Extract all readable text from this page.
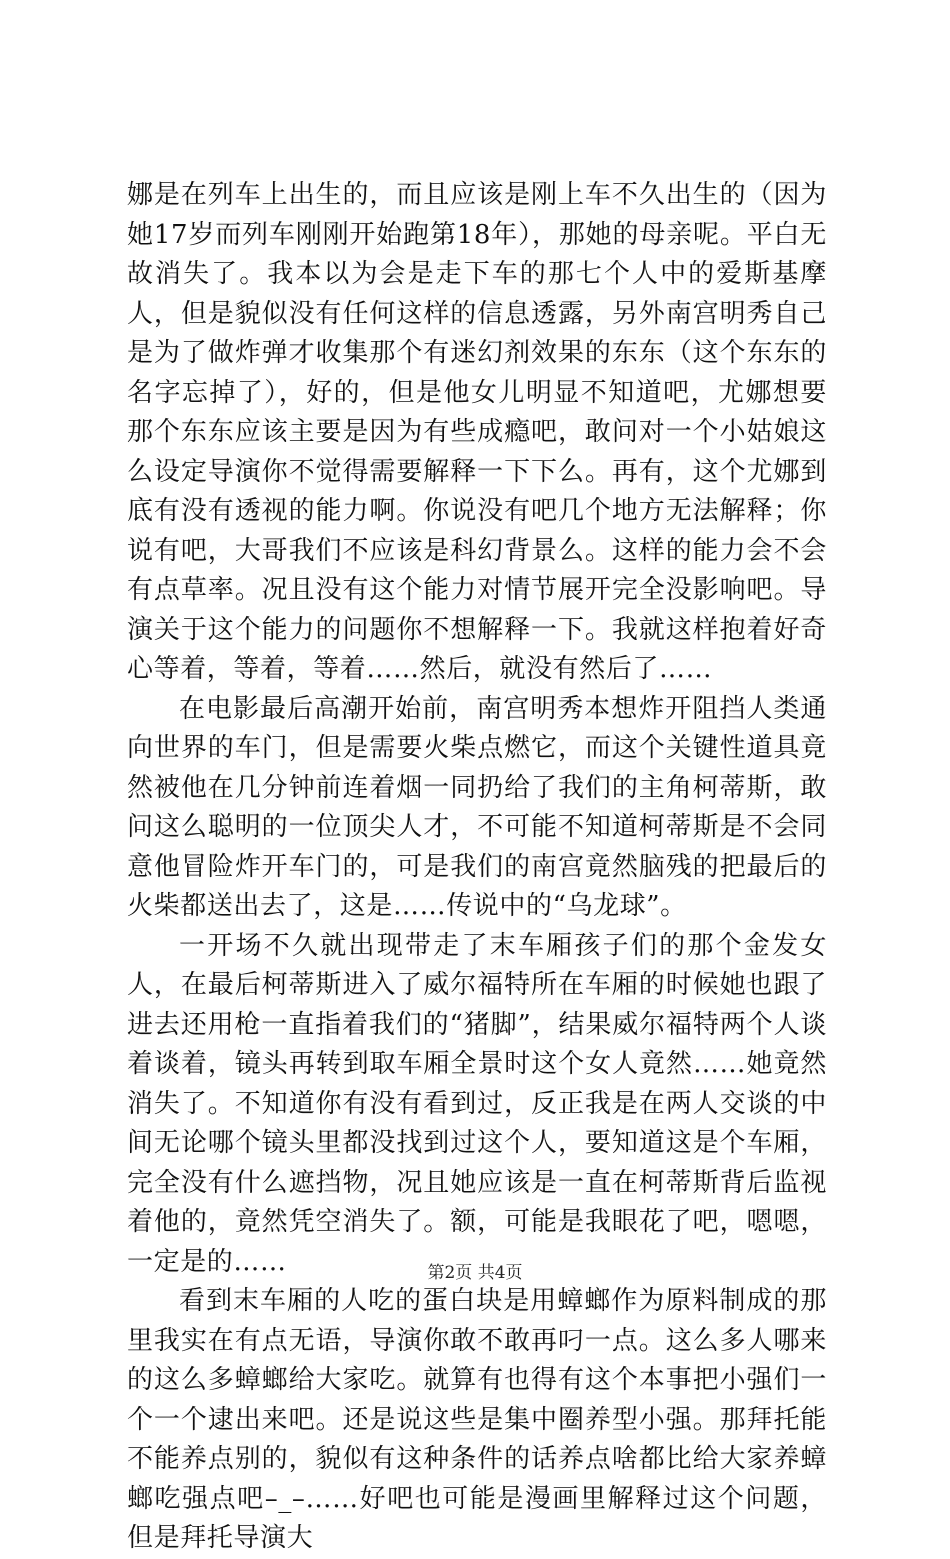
娜是在列车上出生的，而且应该是刚上车不久出生的（因为她17岁而列车刚刚开始跑第18年），那她的母亲呢。平白无故消失了。我本以为会是走下车的那七个人中的爱斯基摩人，但是貌似没有任何这样的信息透露，另外南宫明秀自己是为了做炸弹才收集那个有迷幻剂效果的东东（这个东东的名字忘掉了），好的，但是他女儿明显不知道吧，尤娜想要那个东东应该主要是因为有些成瘾吧，敢问对一个小姑娘这么设定导演你不觉得需要解释一下下么。再有，这个尤娜到底有没有透视的能力啊。你说没有吧几个地方无法解释；你说有吧，大哥我们不应该是科幻背景么。这样的能力会不会有点草率。况且没有这个能力对情节展开完全没影响吧。导演关于这个能力的问题你不想解释一下。我就这样抱着好奇心等着，等着，等着……然后，就没有然后了……

在电影最后高潮开始前，南宫明秀本想炸开阻挡人类通向世界的车门，但是需要火柴点燃它，而这个关键性道具竟然被他在几分钟前连着烟一同扔给了我们的主角柯蒂斯，敢问这么聪明的一位顶尖人才，不可能不知道柯蒂斯是不会同意他冒险炸开车门的，可是我们的南宫竟然脑残的把最后的火柴都送出去了，这是……传说中的“乌龙球”。

一开场不久就出现带走了末车厢孩子们的那个金发女人，在最后柯蒂斯进入了威尔福特所在车厢的时候她也跟了进去还用枪一直指着我们的“猪脚”，结果威尔福特两个人谈着谈着，镜头再转到取车厢全景时这个女人竟然……她竟然消失了。不知道你有没有看到过，反正我是在两人交谈的中间无论哪个镜头里都没找到过这个人，要知道这是个车厢，完全没有什么遮挡物，况且她应该是一直在柯蒂斯背后监视着他的，竟然凭空消失了。额，可能是我眼花了吧，嗯嗯，一定是的……

看到末车厢的人吃的蛋白块是用蟑螂作为原料制成的那里我实在有点无语，导演你敢不敢再叼一点。这么多人哪来的这么多蟑螂给大家吃。就算有也得有这个本事把小强们一个一个逮出来吧。还是说这些是集中圈养型小强。那拜托能不能养点别的，貌似有这种条件的话养点啥都比给大家养蟑螂吃强点吧–_–……好吧也可能是漫画里解释过这个问题，但是拜托导演大

第2页 共4页
